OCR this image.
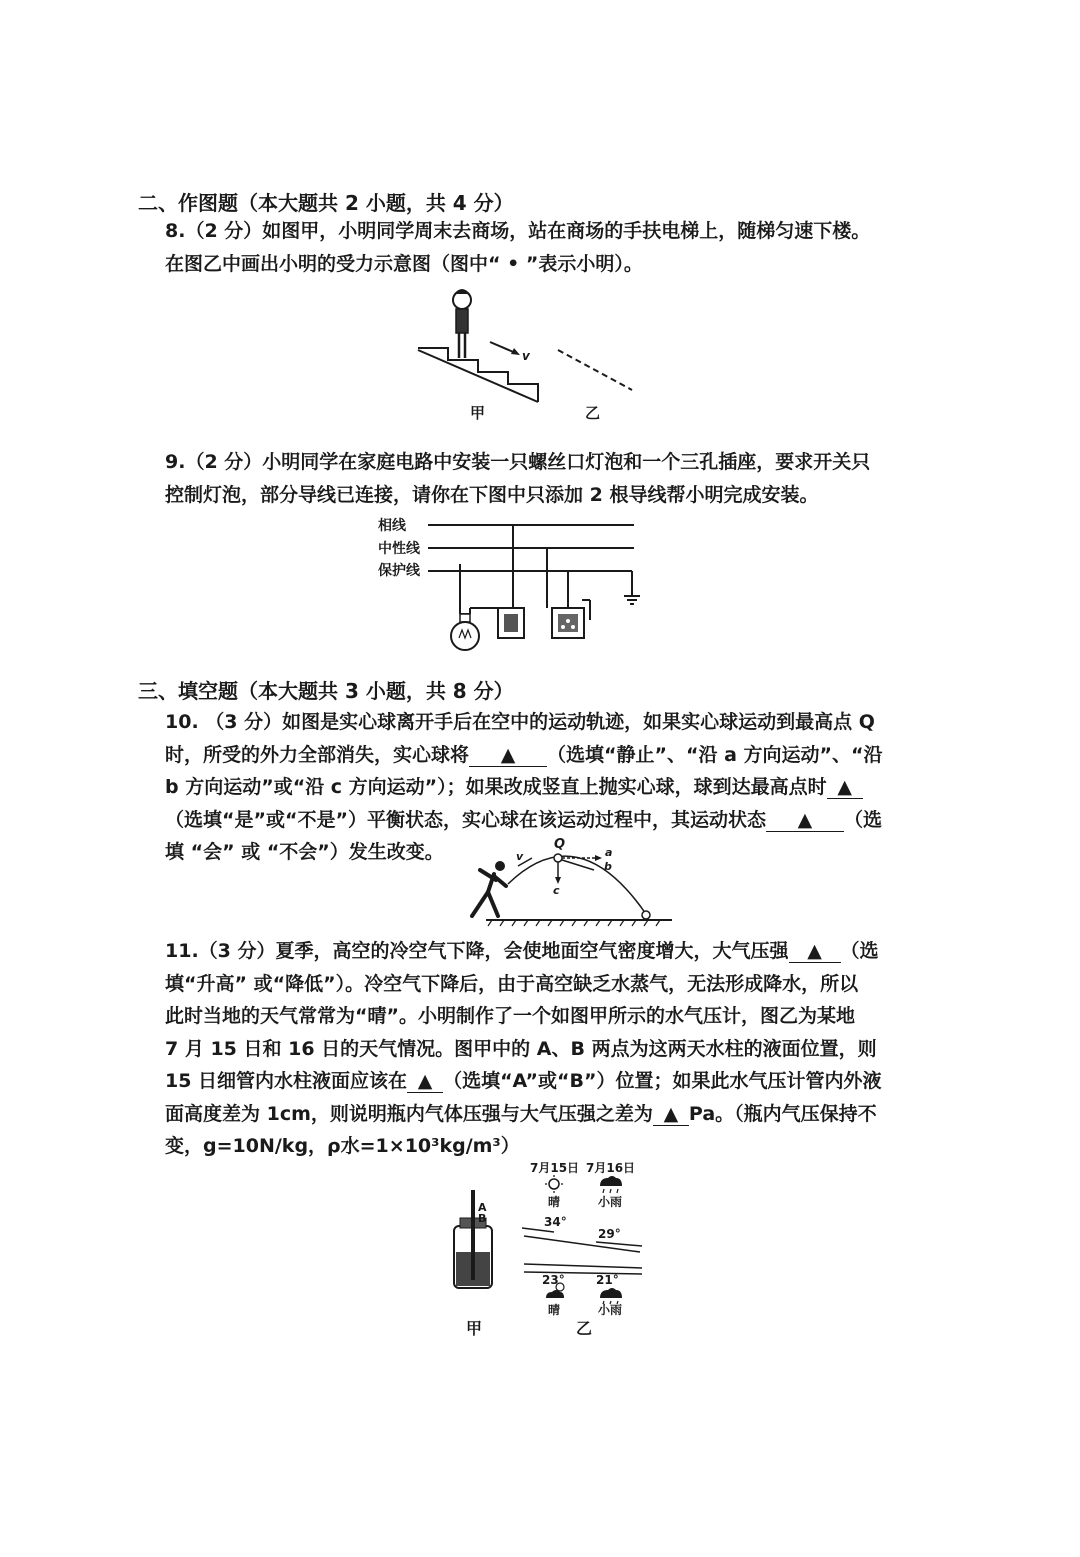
二、作图题（本大题共 2 小题，共 4 分）
8.（2 分）如图甲，小明同学周末去商场，站在商场的手扶电梯上，随梯匀速下楼。
在图乙中画出小明的受力示意图（图中“ • ”表示小明）。
v
甲	乙
9.（2 分）小明同学在家庭电路中安装一只螺丝口灯泡和一个三孔插座，要求开关只
控制灯泡，部分导线已连接，请你在下图中只添加 2 根导线帮小明完成安装。
相线
中性线
保护线
三、填空题（本大题共 3 小题，共 8 分）
10. （3 分）如图是实心球离开手后在空中的运动轨迹，如果实心球运动到最高点 Q
时，所受的外力全部消失，实心球将 ▲ （选填“静止”、“沿 a 方向运动”、“沿
b 方向运动”或“沿 c 方向运动”）；如果改成竖直上抛实心球，球到达最高点时 ▲
（选填“是”或“不是”）平衡状态，实心球在该运动过程中，其运动状态 ▲ （选
填 “会” 或 “不会”）发生改变。	Q
v	a
b
c
11.（3 分）夏季，高空的冷空气下降，会使地面空气密度增大，大气压强 ▲ （选
填“升高” 或“降低”）。冷空气下降后，由于高空缺乏水蒸气，无法形成降水，所以
此时当地的天气常常为“晴”。小明制作了一个如图甲所示的水气压计，图乙为某地
7 月 15 日和 16 日的天气情况。图甲中的 A、B 两点为这两天水柱的液面位置，则
15 日细管内水柱液面应该在 ▲ （选填“A”或“B”）位置；如果此水气压计管内外液
面高度差为 1cm，则说明瓶内气体压强与大气压强之差为 ▲ Pa。（瓶内气压保持不
变，g=10N/kg，ρ水=1×10³kg/m³）
A
B
甲
7月15日 7月16日
晴	小雨
34°
29°
23°	21°
晴	小雨
乙
